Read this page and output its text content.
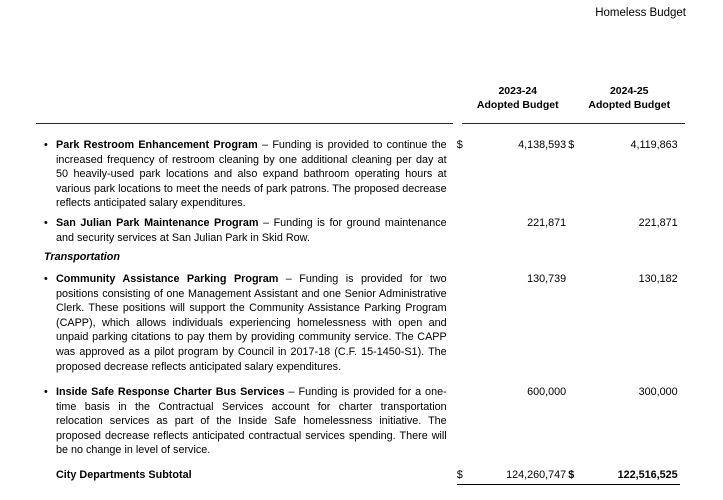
Homeless Budget
2023-24
Adopted Budget
2024-25
Adopted Budget
• Park Restroom Enhancement Program – Funding is provided to continue the increased frequency of restroom cleaning by one additional cleaning per day at 50 heavily-used park locations and also expand bathroom operating hours at various park locations to meet the needs of park patrons. The proposed decrease reflects anticipated salary expenditures.
$	4,138,593 $	4,119,863
• San Julian Park Maintenance Program – Funding is for ground maintenance and security services at San Julian Park in Skid Row.
221,871	221,871
Transportation
• Community Assistance Parking Program – Funding is provided for two positions consisting of one Management Assistant and one Senior Administrative Clerk. These positions will support the Community Assistance Parking Program (CAPP), which allows individuals experiencing homelessness with open and unpaid parking citations to pay them by providing community service. The CAPP was approved as a pilot program by Council in 2017-18 (C.F. 15-1450-S1). The proposed decrease reflects anticipated salary expenditures.
130,739	130,182
• Inside Safe Response Charter Bus Services – Funding is provided for a one-time basis in the Contractual Services account for charter transportation relocation services as part of the Inside Safe homelessness initiative. The proposed decrease reflects anticipated contractual services spending. There will be no change in level of service.
600,000	300,000
City Departments Subtotal	$	124,260,747 $	122,516,525
